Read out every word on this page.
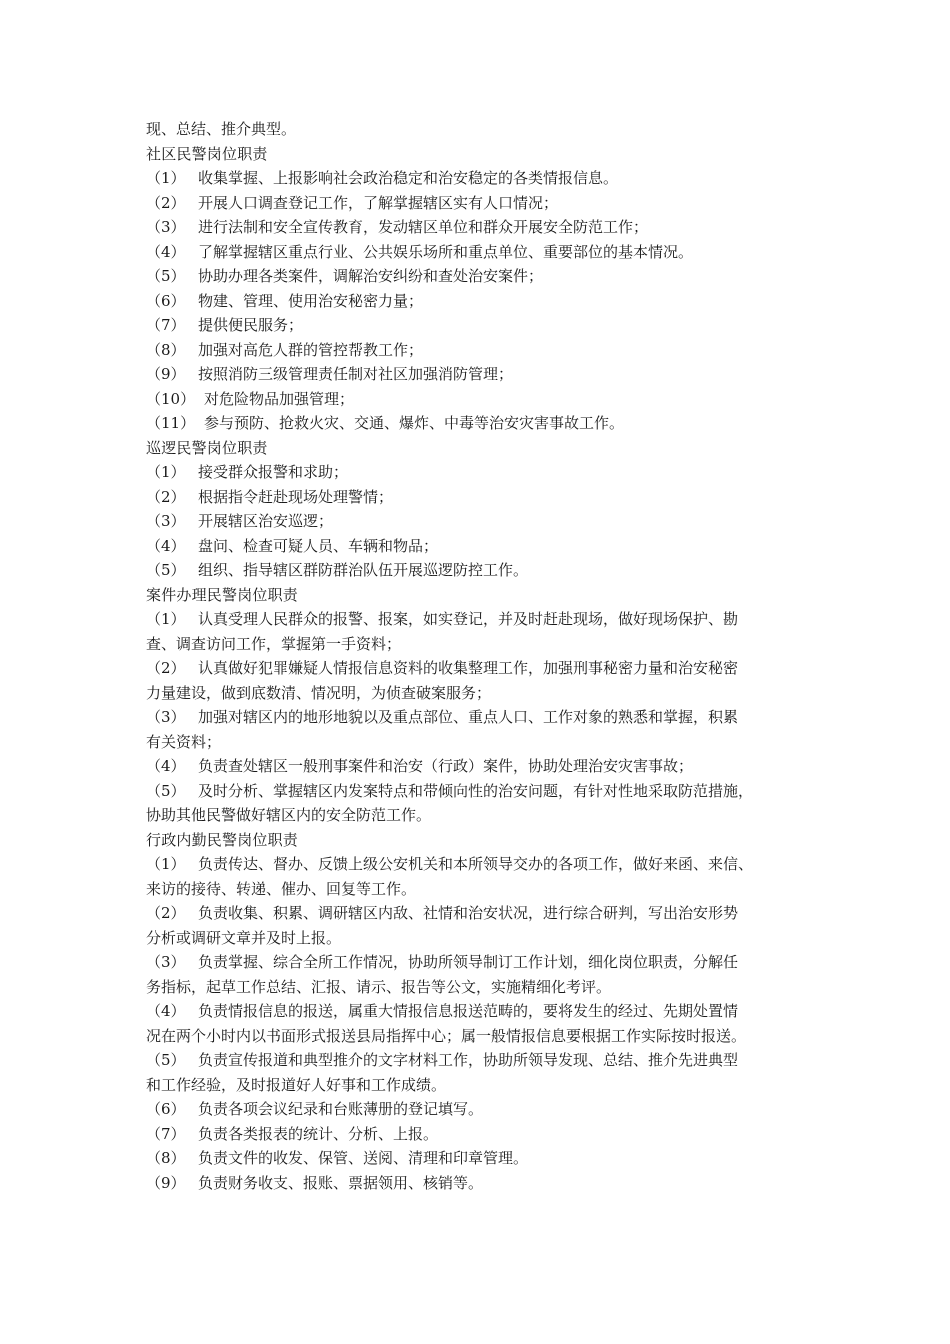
现、总结、推介典型。
社区民警岗位职责
（1） 收集掌握、上报影响社会政治稳定和治安稳定的各类情报信息。
（2） 开展人口调查登记工作，了解掌握辖区实有人口情况；
（3） 进行法制和安全宣传教育，发动辖区单位和群众开展安全防范工作；
（4） 了解掌握辖区重点行业、公共娱乐场所和重点单位、重要部位的基本情况。
（5） 协助办理各类案件，调解治安纠纷和查处治安案件；
（6） 物建、管理、使用治安秘密力量；
（7） 提供便民服务；
（8） 加强对高危人群的管控帮教工作；
（9） 按照消防三级管理责任制对社区加强消防管理；
（10） 对危险物品加强管理；
（11） 参与预防、抢救火灾、交通、爆炸、中毒等治安灾害事故工作。
巡逻民警岗位职责
（1） 接受群众报警和求助；
（2） 根据指令赶赴现场处理警情；
（3） 开展辖区治安巡逻；
（4） 盘问、检查可疑人员、车辆和物品；
（5） 组织、指导辖区群防群治队伍开展巡逻防控工作。
案件办理民警岗位职责
（1） 认真受理人民群众的报警、报案，如实登记，并及时赶赴现场，做好现场保护、勘
查、调查访问工作，掌握第一手资料；
（2） 认真做好犯罪嫌疑人情报信息资料的收集整理工作，加强刑事秘密力量和治安秘密
力量建设，做到底数清、情况明，为侦查破案服务；
（3） 加强对辖区内的地形地貌以及重点部位、重点人口、工作对象的熟悉和掌握，积累
有关资料；
（4） 负责查处辖区一般刑事案件和治安（行政）案件，协助处理治安灾害事故；
（5） 及时分析、掌握辖区内发案特点和带倾向性的治安问题，有针对性地采取防范措施，
协助其他民警做好辖区内的安全防范工作。
行政内勤民警岗位职责
（1） 负责传达、督办、反馈上级公安机关和本所领导交办的各项工作，做好来函、来信、
来访的接待、转递、催办、回复等工作。
（2） 负责收集、积累、调研辖区内敌、社情和治安状况，进行综合研判，写出治安形势
分析或调研文章并及时上报。
（3） 负责掌握、综合全所工作情况，协助所领导制订工作计划，细化岗位职责，分解任
务指标，起草工作总结、汇报、请示、报告等公文，实施精细化考评。
（4） 负责情报信息的报送，属重大情报信息报送范畴的，要将发生的经过、先期处置情
况在两个小时内以书面形式报送县局指挥中心；属一般情报信息要根据工作实际按时报送。
（5） 负责宣传报道和典型推介的文字材料工作，协助所领导发现、总结、推介先进典型
和工作经验，及时报道好人好事和工作成绩。
（6） 负责各项会议纪录和台账薄册的登记填写。
（7） 负责各类报表的统计、分析、上报。
（8） 负责文件的收发、保管、送阅、清理和印章管理。
（9） 负责财务收支、报账、票据领用、核销等。
